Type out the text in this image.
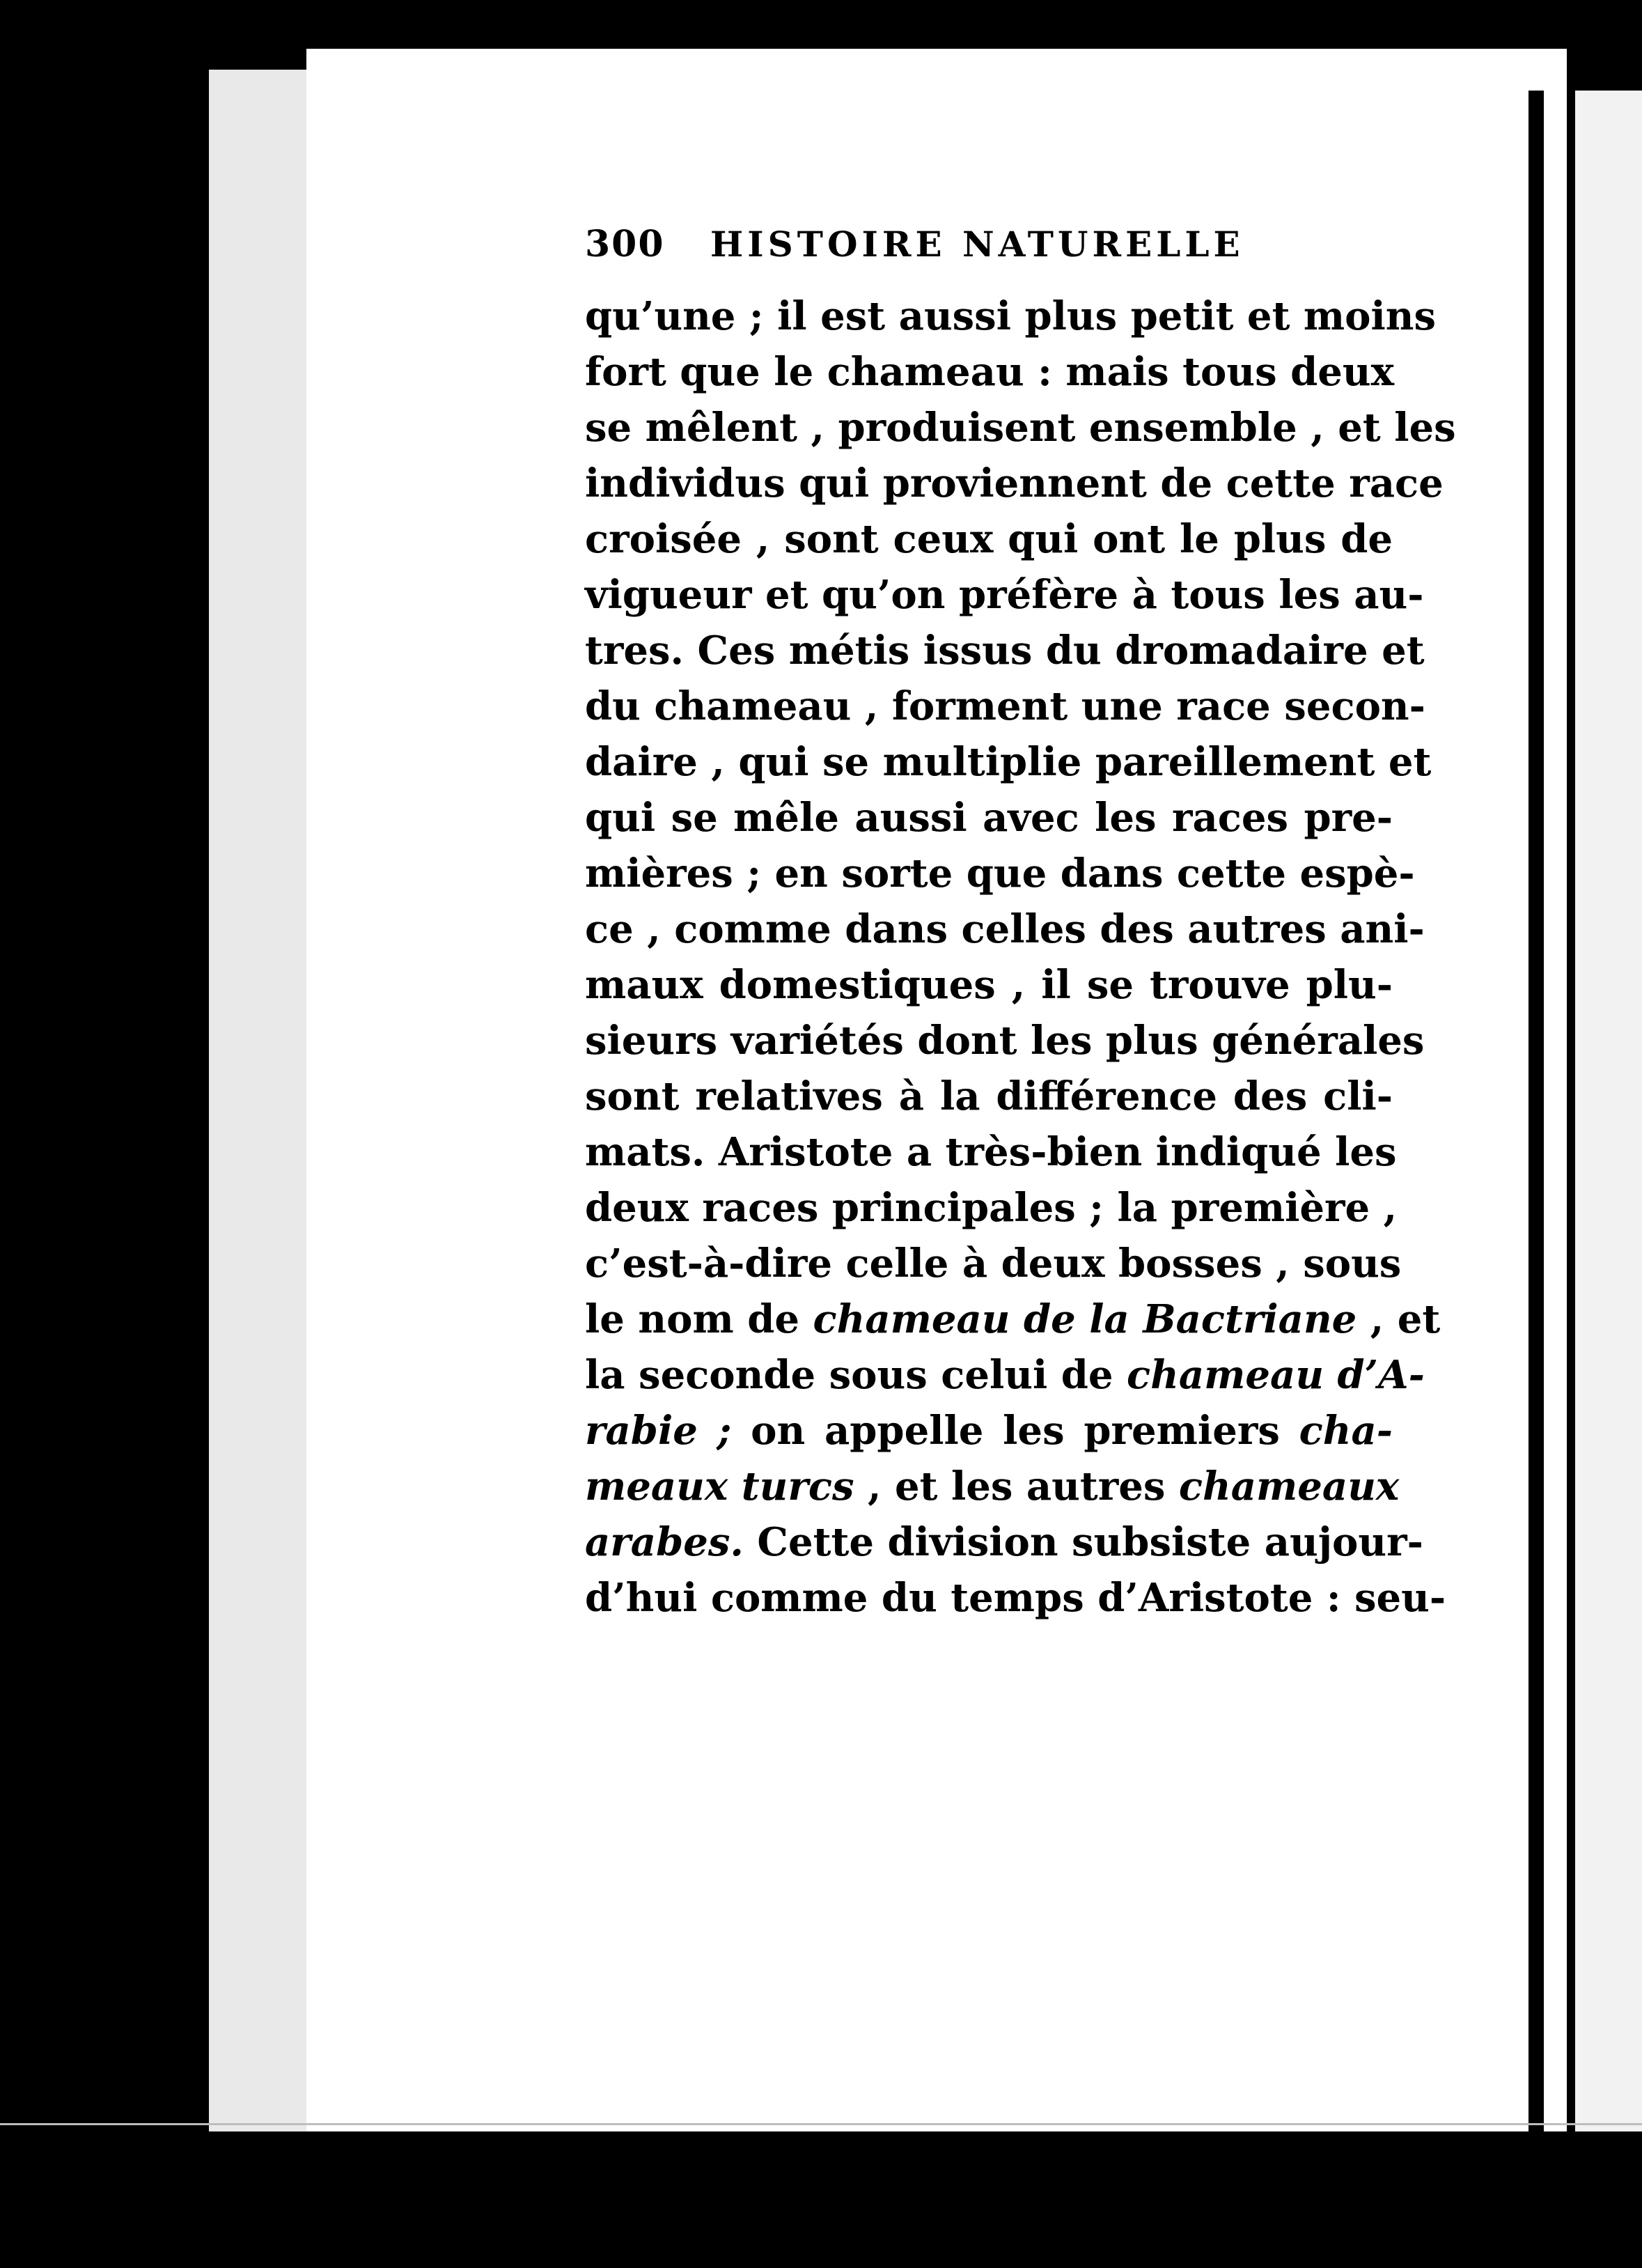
300	HISTOIRE NATURELLE
qu’une ; il est aussi plus petit et moins
fort que le chameau : mais tous deux
se mêlent , produisent ensemble , et les
individus qui proviennent de cette race
croisée , sont ceux qui ont le plus de
vigueur et qu’on préfère à tous les au-
tres. Ces métis issus du dromadaire et
du chameau , forment une race secon-
daire , qui se multiplie pareillement et
qui se mêle aussi avec les races pre-
mières ; en sorte que dans cette espè-
ce , comme dans celles des autres ani-
maux domestiques , il se trouve plu-
sieurs variétés dont les plus générales
sont relatives à la différence des cli-
mats. Aristote a très-bien indiqué les
deux races principales ; la première ,
c’est-à-dire celle à deux bosses , sous
le nom de chameau de la Bactriane , et
la seconde sous celui de chameau d’A-
rabie ; on appelle les premiers cha-
meaux turcs , et les autres chameaux
arabes. Cette division subsiste aujour-
d’hui comme du temps d’Aristote : seu-
